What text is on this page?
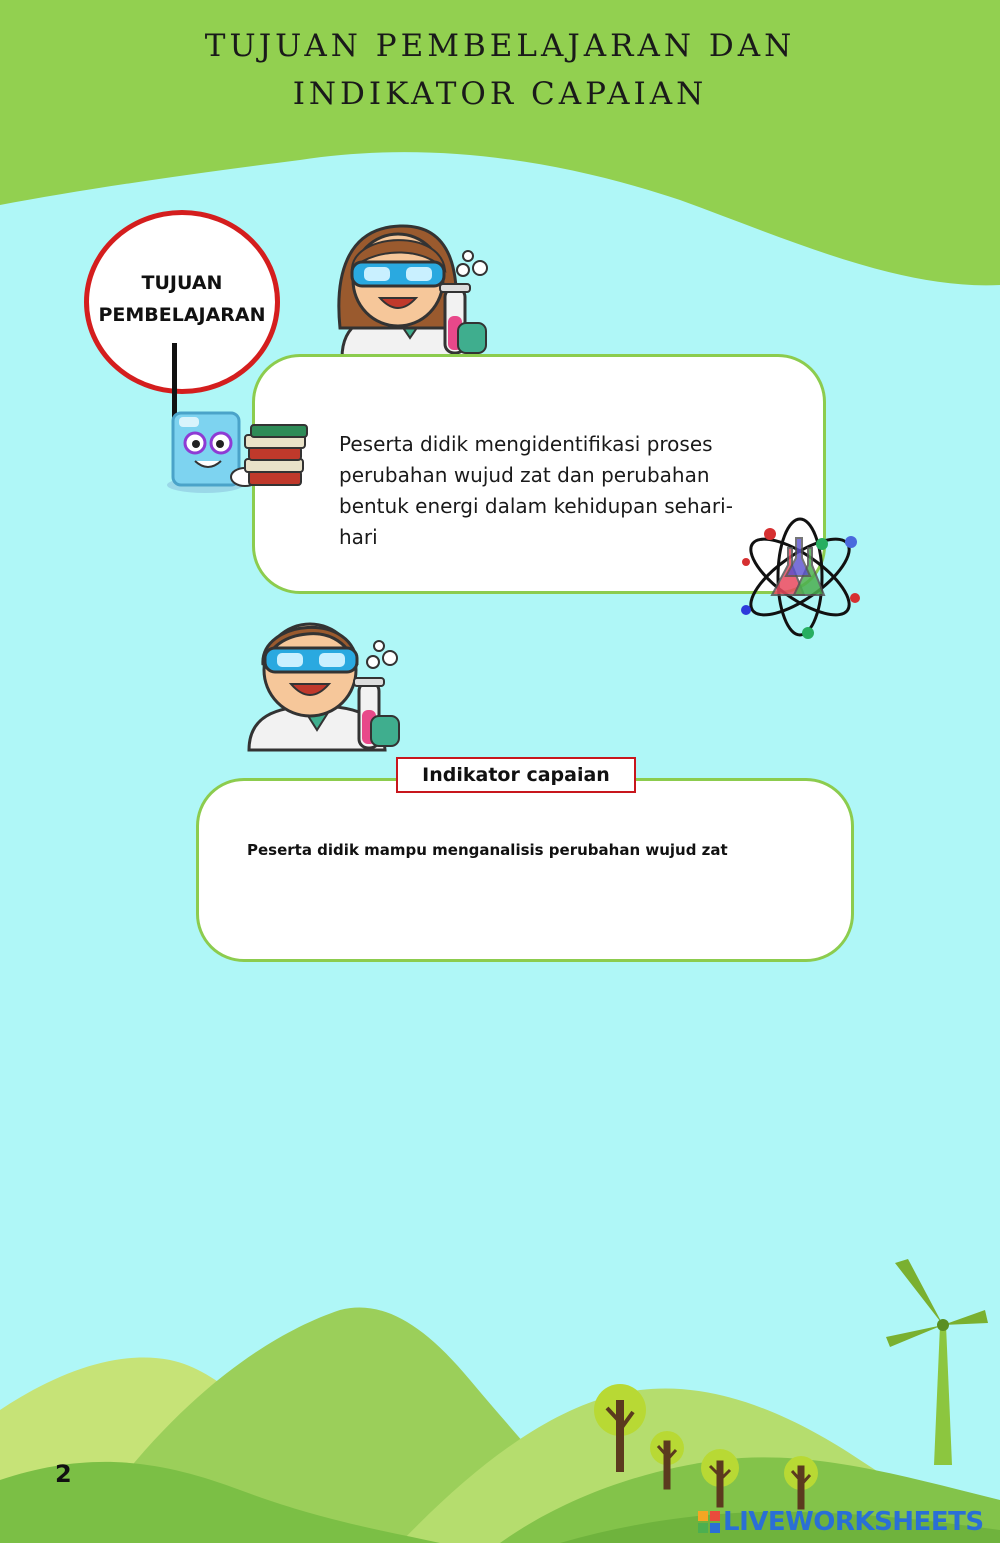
TUJUAN PEMBELAJARAN DAN
INDIKATOR CAPAIAN
TUJUAN
PEMBELAJARAN

Peserta didik mengidentifikasi proses perubahan wujud zat dan perubahan bentuk energi dalam kehidupan sehari-hari

Peserta didik mampu menganalisis perubahan wujud zat

Indikator capaian
2
LIVEWORKSHEETS
